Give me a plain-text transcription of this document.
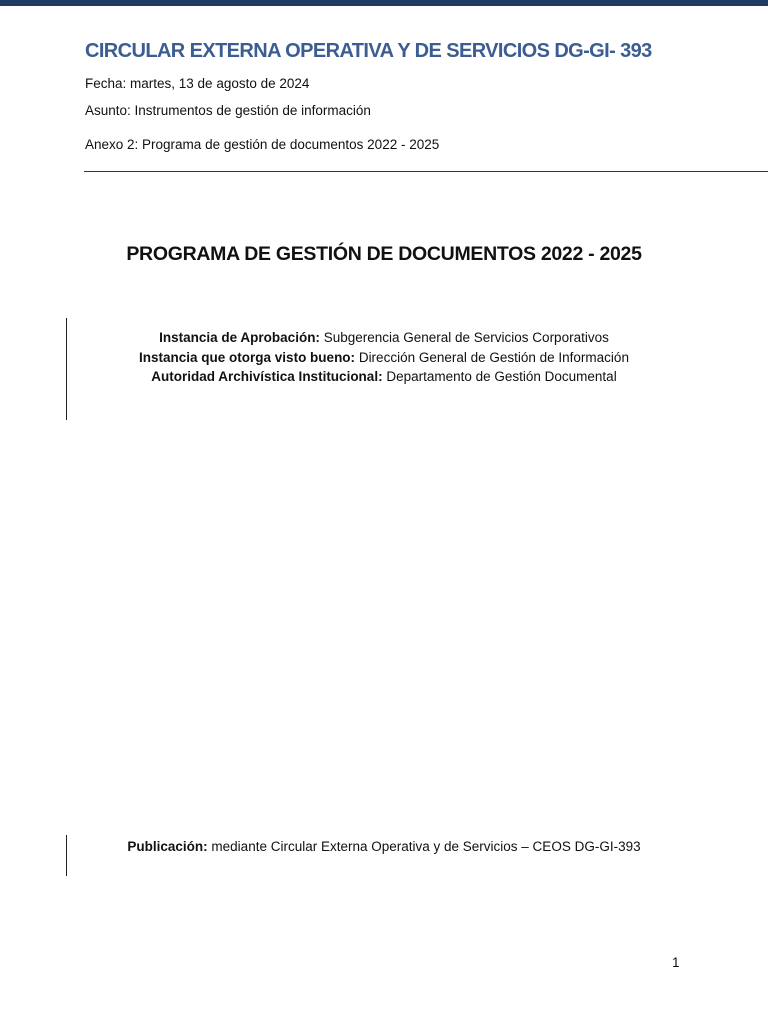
CIRCULAR EXTERNA OPERATIVA Y DE SERVICIOS DG-GI- 393
Fecha: martes, 13 de agosto de 2024
Asunto: Instrumentos de gestión de información
Anexo 2: Programa de gestión de documentos 2022 - 2025
PROGRAMA DE GESTIÓN DE DOCUMENTOS 2022 - 2025
Instancia de Aprobación: Subgerencia General de Servicios Corporativos
Instancia que otorga visto bueno: Dirección General de Gestión de Información
Autoridad Archivística Institucional: Departamento de Gestión Documental
Publicación: mediante Circular Externa Operativa y de Servicios – CEOS DG-GI-393
1
